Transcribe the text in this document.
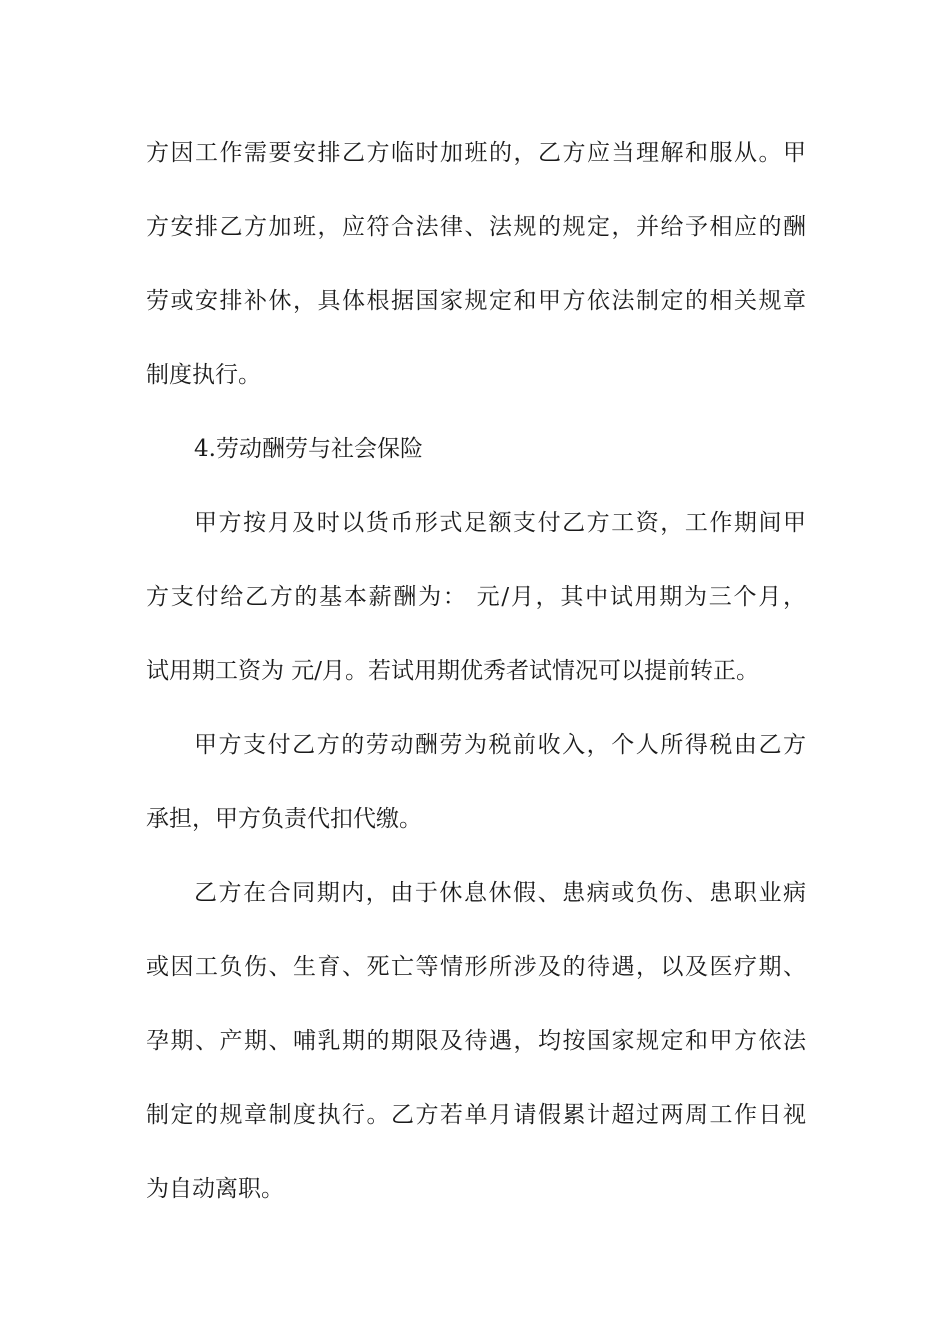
方因工作需要安排乙方临时加班的，乙方应当理解和服从。甲
方安排乙方加班，应符合法律、法规的规定，并给予相应的酬
劳或安排补休，具体根据国家规定和甲方依法制定的相关规章
制度执行。
4.劳动酬劳与社会保险
甲方按月及时以货币形式足额支付乙方工资，工作期间甲
方支付给乙方的基本薪酬为： 元/月，其中试用期为三个月，
试用期工资为 元/月。若试用期优秀者试情况可以提前转正。
甲方支付乙方的劳动酬劳为税前收入，个人所得税由乙方
承担，甲方负责代扣代缴。
乙方在合同期内，由于休息休假、患病或负伤、患职业病
或因工负伤、生育、死亡等情形所涉及的待遇，以及医疗期、
孕期、产期、哺乳期的期限及待遇，均按国家规定和甲方依法
制定的规章制度执行。乙方若单月请假累计超过两周工作日视
为自动离职。
